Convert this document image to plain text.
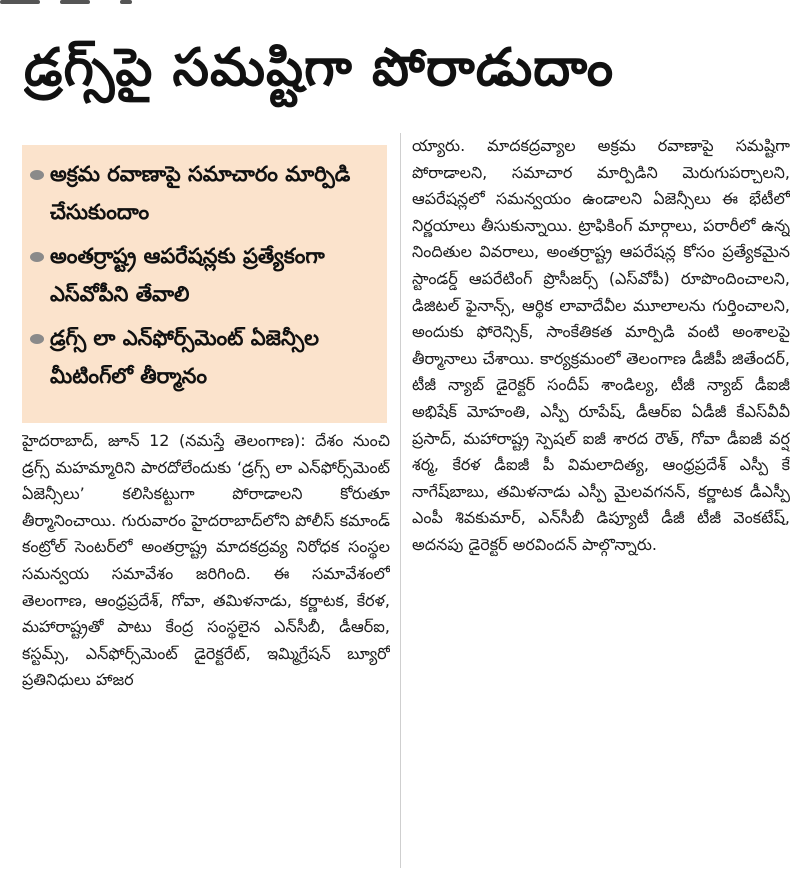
డ్రగ్స్‌పై సమష్టిగా పోరాడుదాం
అక్రమ రవాణాపై సమాచారం మార్పిడి చేసుకుందాం
అంతర్రాష్ట్ర ఆపరేషన్లకు ప్రత్యేకంగా ఎస్‌వోపీని తేవాలి
డ్రగ్స్ లా ఎన్‌ఫోర్స్‌మెంట్ ఏజెన్సీల మీటింగ్‌లో తీర్మానం
హైదరాబాద్, జూన్ 12 (నమస్తే తెలంగాణ): దేశం నుంచి డ్రగ్స్ మహమ్మారిని పారదోలేందుకు ‘డ్రగ్స్ లా ఎన్‌ఫోర్స్‌మెంట్ ఏజెన్సీలు’ కలిసికట్టుగా పోరాడాలని కోరుతూ తీర్మానించాయి. గురువారం హైదరాబాద్‌లోని పోలీస్ కమాండ్ కంట్రోల్ సెంటర్‌లో అంతర్రాష్ట్ర మాదకద్రవ్య నిరోధక సంస్థల సమన్వయ సమావేశం జరిగింది. ఈ సమావేశంలో తెలంగాణ, ఆంధ్రప్రదేశ్, గోవా, తమిళనాడు, కర్ణాటక, కేరళ, మహారాష్ట్రతో పాటు కేంద్ర సంస్థలైన ఎన్‌సీబీ, డీఆర్‌ఐ, కస్టమ్స్, ఎన్‌ఫోర్స్‌మెంట్ డైరెక్టరేట్, ఇమ్మిగ్రేషన్ బ్యూరో ప్రతినిధులు హాజర
య్యారు. మాదకద్రవ్యాల అక్రమ రవాణాపై సమష్టిగా పోరాడాలని, సమాచార మార్పిడిని మెరుగుపర్చాలని, ఆపరేషన్లలో సమన్వయం ఉండాలని ఏజెన్సీలు ఈ భేటీలో నిర్ణయాలు తీసుకున్నాయి. ట్రాఫికింగ్ మార్గాలు, పరారీలో ఉన్న నిందితుల వివరాలు, అంతర్రాష్ట్ర ఆపరేషన్ల కోసం ప్రత్యేకమైన స్టాండర్డ్ ఆపరేటింగ్ ప్రొసీజర్స్ (ఎస్‌వోపీ) రూపొందించాలని, డిజిటల్ ఫైనాన్స్, ఆర్థిక లావాదేవీల మూలాలను గుర్తించాలని, అందుకు ఫోరెన్సిక్, సాంకేతికత మార్పిడి వంటి అంశాలపై తీర్మానాలు చేశాయి. కార్యక్రమంలో తెలంగాణ డీజీపీ జితేందర్, టీజీ న్యాబ్ డైరెక్టర్ సందీప్ శాండిల్య, టీజీ న్యాబ్ డీఐజీ అభిషేక్ మోహంతి, ఎస్పీ రూపేష్, డీఆర్‌ఐ ఏడీజీ కేఎస్‌వీవీ ప్రసాద్, మహారాష్ట్ర స్పెషల్ ఐజీ శారద రౌత్, గోవా డీఐజీ వర్ష శర్మ, కేరళ డీఐజీ పీ విమలాదిత్య, ఆంధ్రప్రదేశ్ ఎస్పీ కే నాగేష్‌బాబు, తమిళనాడు ఎస్పీ మైలవగనన్, కర్ణాటక డీఎస్పీ ఎంపీ శివకుమార్, ఎన్‌సీబీ డిప్యూటీ డీజీ టీజీ వెంకటేష్, అదనపు డైరెక్టర్ అరవిందన్ పాల్గొన్నారు.
